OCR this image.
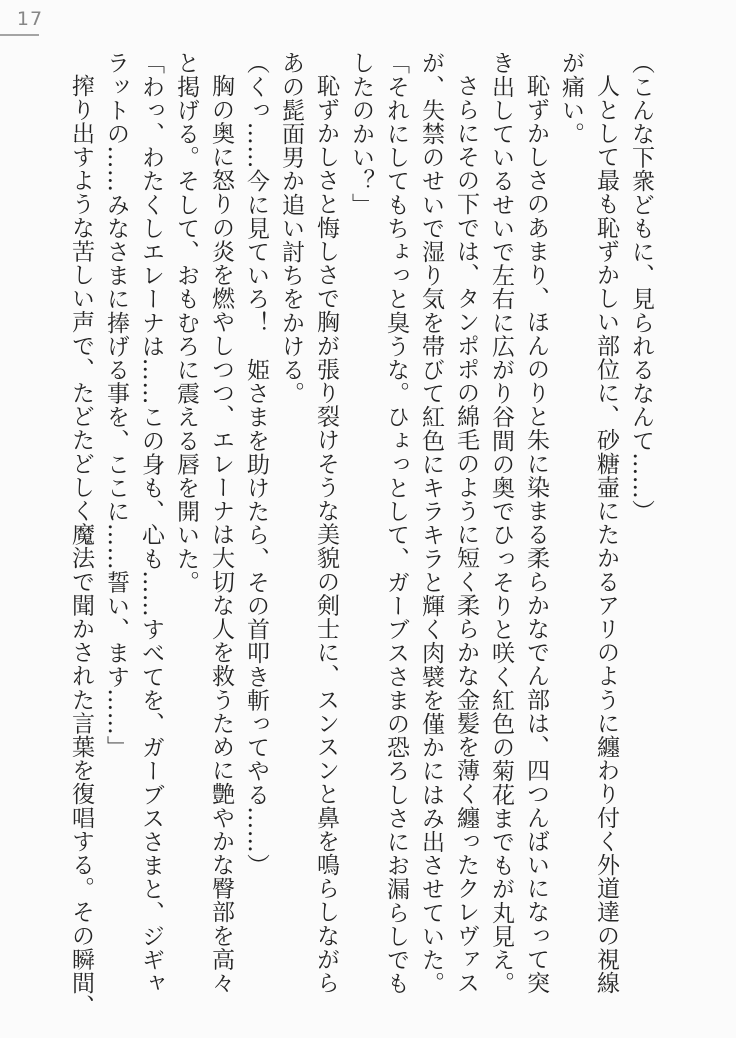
17
（こんな下衆どもに、見られるなんて……）
人として最も恥ずかしい部位に、砂糖壷にたかるアリのように纏わり付く外道達の視線
が痛い。
恥ずかしさのあまり、ほんのりと朱に染まる柔らかなでん部は、四つんばいになって突
き出しているせいで左右に広がり谷間の奥でひっそりと咲く紅色の菊花までもが丸見え。
さらにその下では、タンポポの綿毛のように短く柔らかな金髪を薄く纏ったクレヴァス
が、失禁のせいで湿り気を帯びて紅色にキラキラと輝く肉襞を僅かにはみ出させていた。
「それにしてもちょっと臭うな。ひょっとして、ガーブスさまの恐ろしさにお漏らしでも
したのかい？」
恥ずかしさと悔しさで胸が張り裂けそうな美貌の剣士に、スンスンと鼻を鳴らしながら
あの髭面男か追い討ちをかける。
（くっ……今に見ていろ！　姫さまを助けたら、その首叩き斬ってやる……）
胸の奥に怒りの炎を燃やしつつ、エレーナは大切な人を救うために艶やかな臀部を高々
と掲げる。そして、おもむろに震える唇を開いた。
「わっ、わたくしエレーナは……この身も、心も……すべてを、ガーブスさまと、ジギャ
ラットの……みなさまに捧げる事を、ここに……誓い、ます……」
搾り出すような苦しい声で、たどたどしく魔法で聞かされた言葉を復唱する。その瞬間、
